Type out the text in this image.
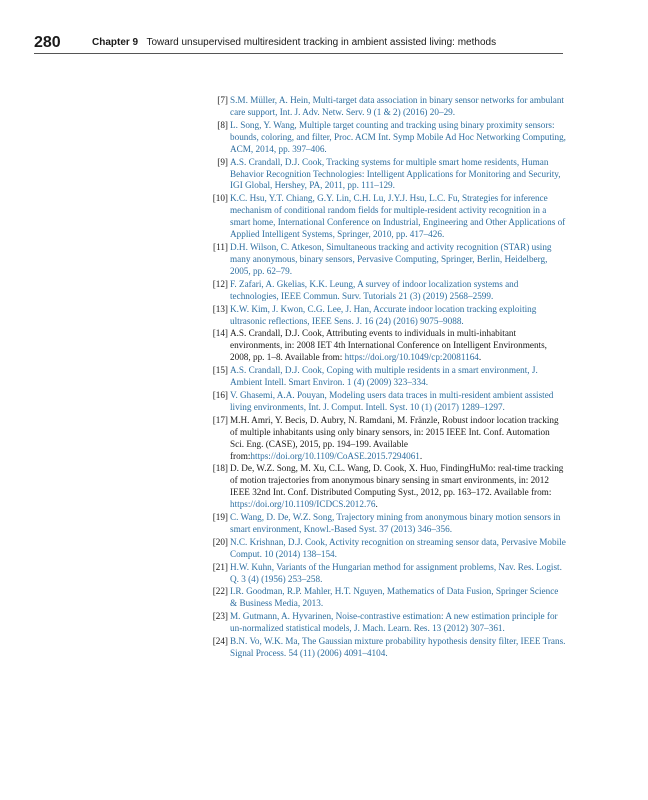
280	Chapter 9 Toward unsupervised multiresident tracking in ambient assisted living: methods
[7] S.M. Müller, A. Hein, Multi-target data association in binary sensor networks for ambulant care support, Int. J. Adv. Netw. Serv. 9 (1 & 2) (2016) 20–29.
[8] L. Song, Y. Wang, Multiple target counting and tracking using binary proximity sensors: bounds, coloring, and filter, Proc. ACM Int. Symp Mobile Ad Hoc Networking Computing, ACM, 2014, pp. 397–406.
[9] A.S. Crandall, D.J. Cook, Tracking systems for multiple smart home residents, Human Behavior Recognition Technologies: Intelligent Applications for Monitoring and Security, IGI Global, Hershey, PA, 2011, pp. 111–129.
[10] K.C. Hsu, Y.T. Chiang, G.Y. Lin, C.H. Lu, J.Y.J. Hsu, L.C. Fu, Strategies for inference mechanism of conditional random fields for multiple-resident activity recognition in a smart home, International Conference on Industrial, Engineering and Other Applications of Applied Intelligent Systems, Springer, 2010, pp. 417–426.
[11] D.H. Wilson, C. Atkeson, Simultaneous tracking and activity recognition (STAR) using many anonymous, binary sensors, Pervasive Computing, Springer, Berlin, Heidelberg, 2005, pp. 62–79.
[12] F. Zafari, A. Gkelias, K.K. Leung, A survey of indoor localization systems and technologies, IEEE Commun. Surv. Tutorials 21 (3) (2019) 2568–2599.
[13] K.W. Kim, J. Kwon, C.G. Lee, J. Han, Accurate indoor location tracking exploiting ultrasonic reflections, IEEE Sens. J. 16 (24) (2016) 9075–9088.
[14] A.S. Crandall, D.J. Cook, Attributing events to individuals in multi-inhabitant environments, in: 2008 IET 4th International Conference on Intelligent Environments, 2008, pp. 1–8. Available from: https://doi.org/10.1049/cp:20081164.
[15] A.S. Crandall, D.J. Cook, Coping with multiple residents in a smart environment, J. Ambient Intell. Smart Environ. 1 (4) (2009) 323–334.
[16] V. Ghasemi, A.A. Pouyan, Modeling users data traces in multi-resident ambient assisted living environments, Int. J. Comput. Intell. Syst. 10 (1) (2017) 1289–1297.
[17] M.H. Amri, Y. Becis, D. Aubry, N. Ramdani, M. Fränzle, Robust indoor location tracking of multiple inhabitants using only binary sensors, in: 2015 IEEE Int. Conf. Automation Sci. Eng. (CASE), 2015, pp. 194–199. Available from:https://doi.org/10.1109/CoASE.2015.7294061.
[18] D. De, W.Z. Song, M. Xu, C.L. Wang, D. Cook, X. Huo, FindingHuMo: real-time tracking of motion trajectories from anonymous binary sensing in smart environments, in: 2012 IEEE 32nd Int. Conf. Distributed Computing Syst., 2012, pp. 163–172. Available from: https://doi.org/10.1109/ICDCS.2012.76.
[19] C. Wang, D. De, W.Z. Song, Trajectory mining from anonymous binary motion sensors in smart environment, Knowl.-Based Syst. 37 (2013) 346–356.
[20] N.C. Krishnan, D.J. Cook, Activity recognition on streaming sensor data, Pervasive Mobile Comput. 10 (2014) 138–154.
[21] H.W. Kuhn, Variants of the Hungarian method for assignment problems, Nav. Res. Logist. Q. 3 (4) (1956) 253–258.
[22] I.R. Goodman, R.P. Mahler, H.T. Nguyen, Mathematics of Data Fusion, Springer Science & Business Media, 2013.
[23] M. Gutmann, A. Hyvarinen, Noise-contrastive estimation: A new estimation principle for un-normalized statistical models, J. Mach. Learn. Res. 13 (2012) 307–361.
[24] B.N. Vo, W.K. Ma, The Gaussian mixture probability hypothesis density filter, IEEE Trans. Signal Process. 54 (11) (2006) 4091–4104.
